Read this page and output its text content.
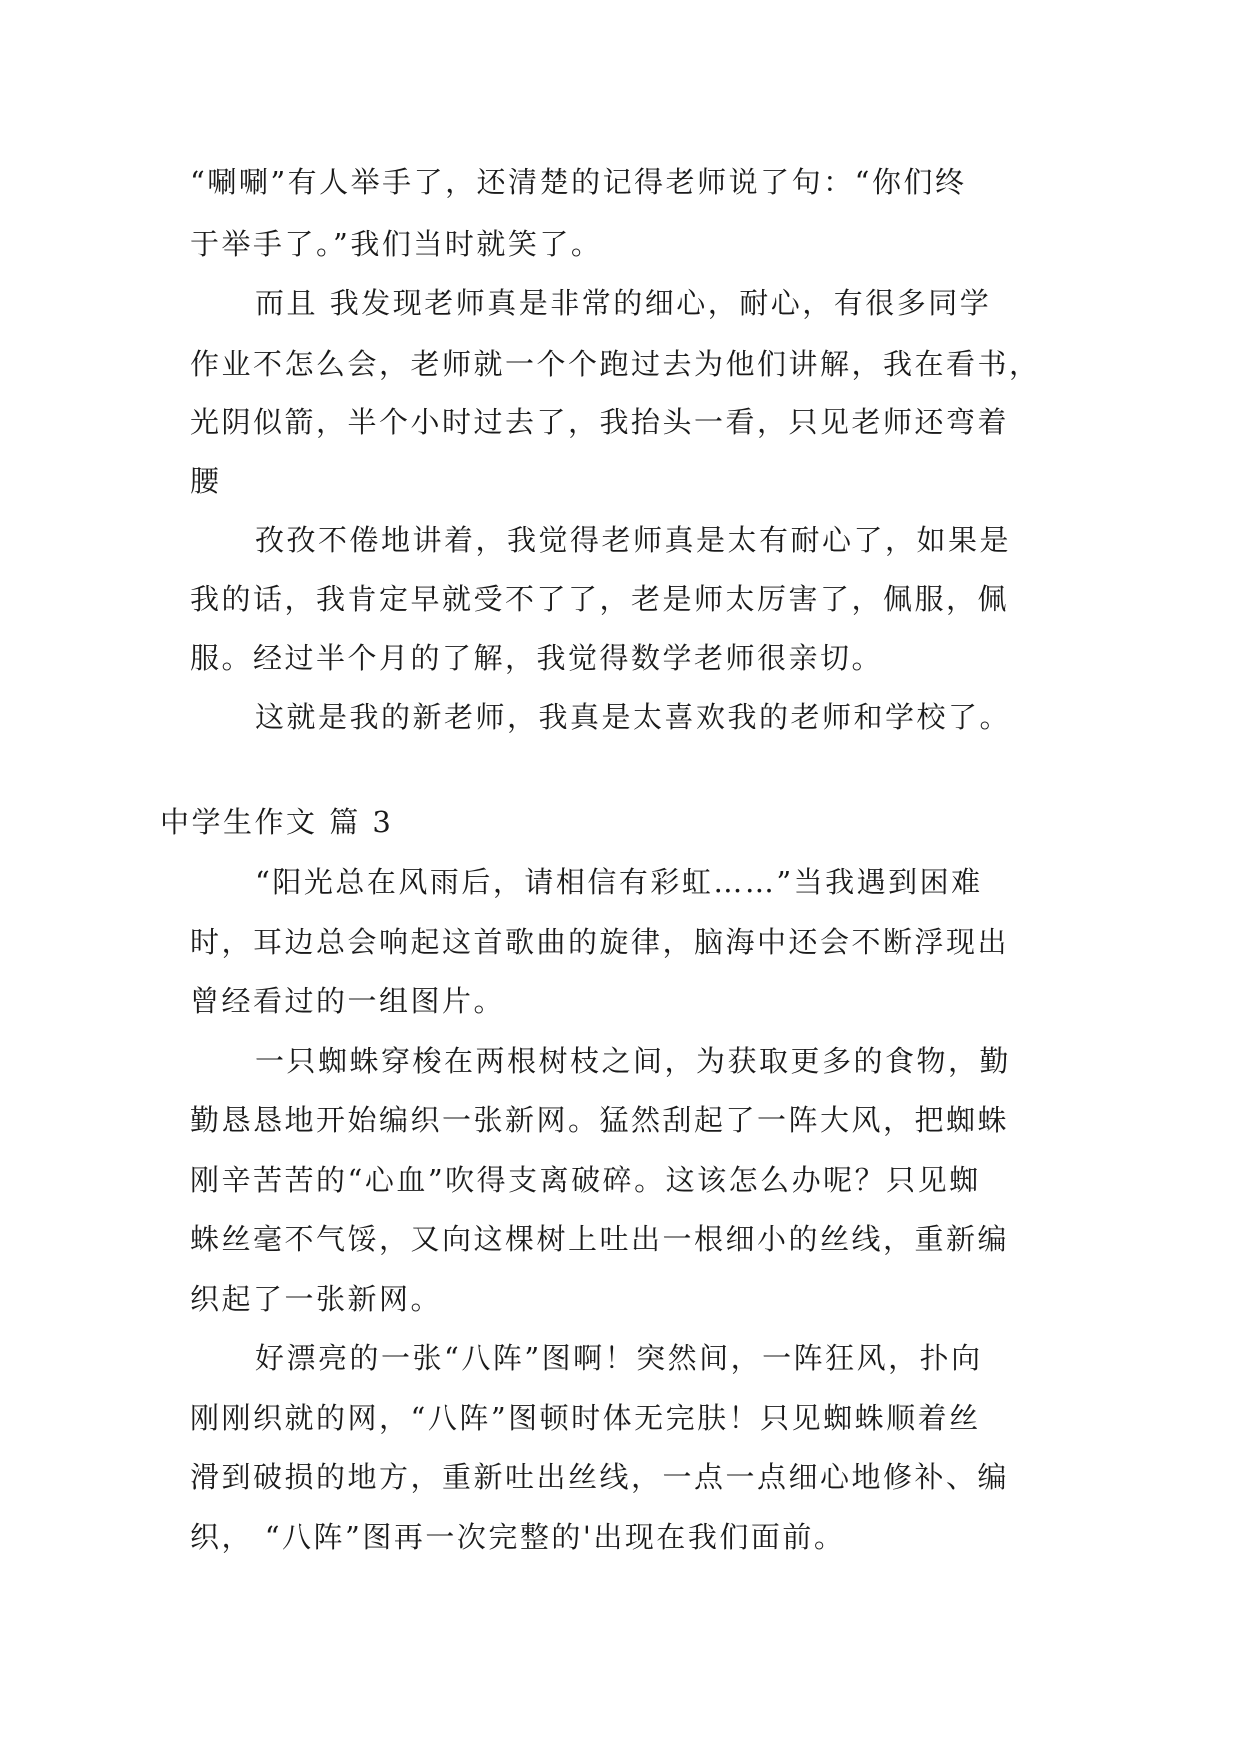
“唰唰”有人举手了，还清楚的记得老师说了句：“你们终
于举手了。”我们当时就笑了。
而且 我发现老师真是非常的细心，耐心，有很多同学
作业不怎么会，老师就一个个跑过去为他们讲解，我在看书，
光阴似箭，半个小时过去了，我抬头一看，只见老师还弯着
腰
孜孜不倦地讲着，我觉得老师真是太有耐心了，如果是
我的话，我肯定早就受不了了，老是师太厉害了，佩服，佩
服。经过半个月的了解，我觉得数学老师很亲切。
这就是我的新老师，我真是太喜欢我的老师和学校了。
中学生作文 篇 3
“阳光总在风雨后，请相信有彩虹……”当我遇到困难
时，耳边总会响起这首歌曲的旋律，脑海中还会不断浮现出
曾经看过的一组图片。
一只蜘蛛穿梭在两根树枝之间，为获取更多的食物，勤
勤恳恳地开始编织一张新网。猛然刮起了一阵大风，把蜘蛛
刚辛苦苦的“心血”吹得支离破碎。这该怎么办呢？只见蜘
蛛丝毫不气馁，又向这棵树上吐出一根细小的丝线，重新编
织起了一张新网。
好漂亮的一张“八阵”图啊！突然间，一阵狂风，扑向
刚刚织就的网，“八阵”图顿时体无完肤！只见蜘蛛顺着丝
滑到破损的地方，重新吐出丝线，一点一点细心地修补、编
织， “八阵”图再一次完整的'出现在我们面前。
